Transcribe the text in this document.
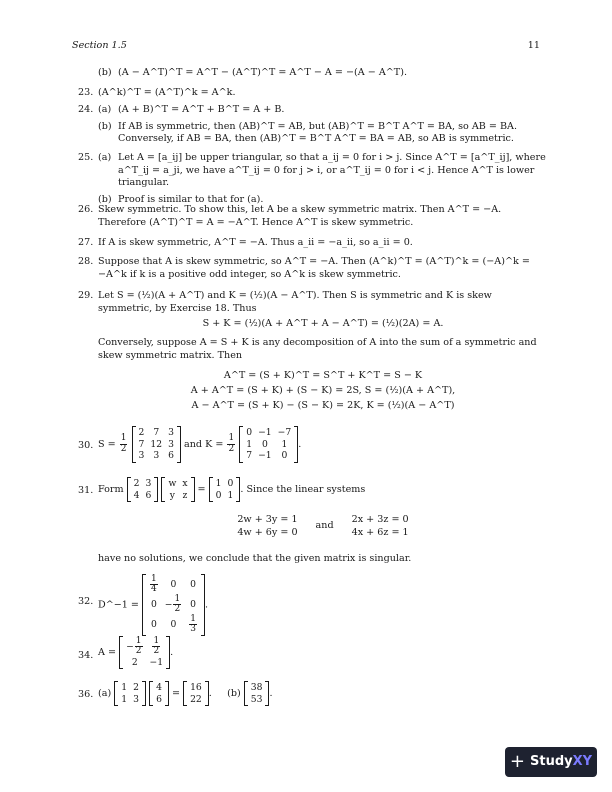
Section 1.5	11
(b) (A − A^T)^T = A^T − (A^T)^T = A^T − A = −(A − A^T).
23. (A^k)^T = (A^T)^k = A^k.
24. (a) (A + B)^T = A^T + B^T = A + B.
(b) If AB is symmetric, then (AB)^T = AB, but (AB)^T = B^T A^T = BA, so AB = BA. Conversely, if AB = BA, then (AB)^T = B^T A^T = BA = AB, so AB is symmetric.
25. (a) Let A = [a_ij] be upper triangular, so that a_ij = 0 for i > j. Since A^T = [a^T_ij], where a^T_ij = a_ji, we have a^T_ij = 0 for j > i, or a^T_ij = 0 for i < j. Hence A^T is lower triangular.
(b) Proof is similar to that for (a).
26. Skew symmetric. To show this, let A be a skew symmetric matrix. Then A^T = −A. Therefore (A^T)^T = A = −A^T. Hence A^T is skew symmetric.
27. If A is skew symmetric, A^T = −A. Thus a_ii = −a_ii, so a_ii = 0.
28. Suppose that A is skew symmetric, so A^T = −A. Then (A^k)^T = (A^T)^k = (−A)^k = −A^k if k is a positive odd integer, so A^k is skew symmetric.
29. Let S = (½)(A + A^T) and K = (½)(A − A^T). Then S is symmetric and K is skew symmetric, by Exercise 18. Thus
S + K = (½)(A + A^T + A − A^T) = (½)(2A) = A.
Conversely, suppose A = S + K is any decomposition of A into the sum of a symmetric and skew symmetric matrix. Then
A^T = (S + K)^T = S^T + K^T = S − K
A + A^T = (S + K) + (S − K) = 2S, S = (½)(A + A^T),
A − A^T = (S + K) − (S − K) = 2K, K = (½)(A − A^T)
30. $S = \frac{1}{2}$

2	7	3
7	12	3
3	3	6
and $K = \frac{1}{2}$

0	−1	−7
1	0	1
7	−1	0
.
31. Form
2	3
4	6

w	x
y	z =
1	0
0	1 . Since the linear systems
2w + 3y = 1
4w + 6y = 0
and
2x + 3z = 0
4x + 6z = 1
have no solutions, we conclude that the given matrix is singular.
32. D^−1 =
$\frac{1}{4}$	0	0
0	− $\frac{1}{2}$	0
0	0	$\frac{1}{3}$
.
34. A =
− $\frac{1}{2}$	$\frac{1}{2}$

2	−1
.
36. (a)
1	2
1	3

4
6 =
16
22 .     (b)
38
53 .
+ Study XY
